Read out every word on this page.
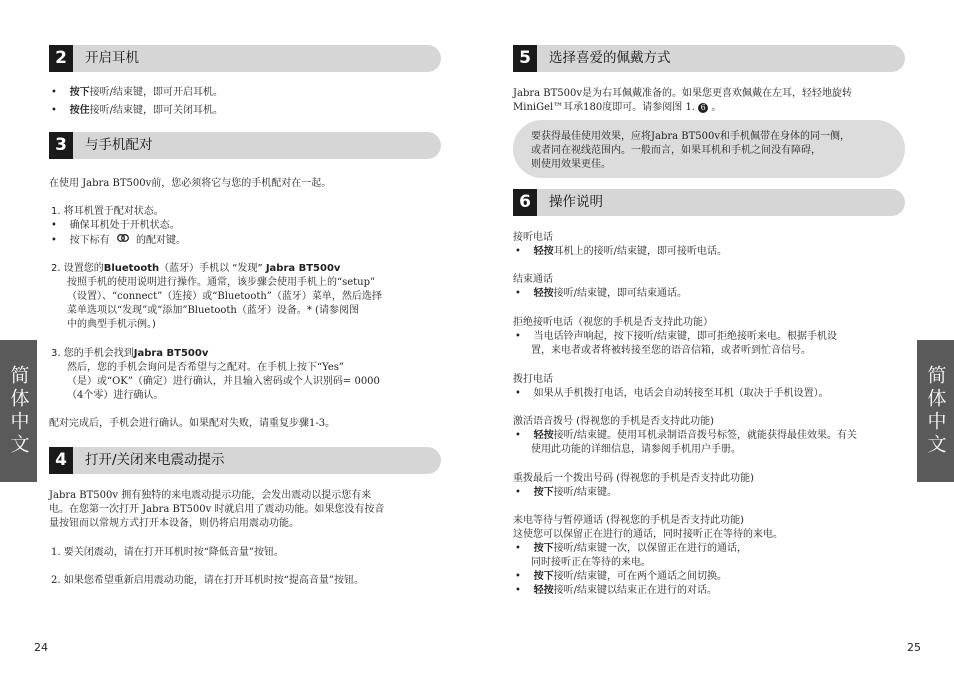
2	开启耳机
• 按下接听/结束键，即可开启耳机。
• 按住接听/结束键，即可关闭耳机。
3	与手机配对
在使用 Jabra BT500v前，您必须将它与您的手机配对在一起。
1. 将耳机置于配对状态。
• 确保耳机处于开机状态。
• 按下标有	的配对键。
2. 设置您的Bluetooth（蓝牙）手机以 “发现” Jabra BT500v
按照手机的使用说明进行操作。通常，该步骤会使用手机上的“setup”
（设置）、“connect”（连接）或“Bluetooth”（蓝牙）菜单，然后选择
菜单选项以“发现”或“添加”Bluetooth（蓝牙）设备。* (请参阅图
中的典型手机示例。)
3. 您的手机会找到Jabra BT500v
然后，您的手机会询问是否希望与之配对。在手机上按下“Yes”
（是）或“OK”（确定）进行确认，并且输入密码或个人识别码= 0000
（4个零）进行确认。
配对完成后，手机会进行确认。如果配对失败，请重复步骤1-3。
4	打开/关闭来电震动提示
Jabra BT500v 拥有独特的来电震动提示功能，会发出震动以提示您有来
电。在您第一次打开 Jabra BT500v 时就启用了震动功能。如果您没有按音
量按钮而以常规方式打开本设备，则仍将启用震动功能。
1. 要关闭震动，请在打开耳机时按“降低音量”按钮。
2. 如果您希望重新启用震动功能，请在打开耳机时按“提高音量”按钮。
简体中文
24
5	选择喜爱的佩戴方式
Jabra BT500v是为右耳佩戴准备的。如果您更喜欢佩戴在左耳，轻轻地旋转
MiniGel™耳承180度即可。请参阅图 1. 6 。
要获得最佳使用效果，应将Jabra BT500v和手机佩带在身体的同一侧，
或者同在视线范围内。一般而言，如果耳机和手机之间没有障碍，
则使用效果更佳。
6	操作说明
接听电话
• 轻按耳机上的接听/结束键，即可接听电话。
结束通话
• 轻按接听/结束键，即可结束通话。
拒绝接听电话（视您的手机是否支持此功能）
• 当电话铃声响起，按下接听/结束键，即可拒绝接听来电。根据手机设
置，来电者或者将被转接至您的语音信箱，或者听到忙音信号。
拨打电话
• 如果从手机拨打电话，电话会自动转接至耳机（取决于手机设置）。
激活语音拨号 (得视您的手机是否支持此功能)
• 轻按接听/结束键。使用耳机录制语音拨号标签，就能获得最佳效果。有关
使用此功能的详细信息，请参阅手机用户手册。
重拨最后一个拨出号码 (得视您的手机是否支持此功能)
• 按下接听/结束键。
来电等待与暂停通话 (得视您的手机是否支持此功能)
这使您可以保留正在进行的通话，同时接听正在等待的来电。
• 按下接听/结束键一次，以保留正在进行的通话，
同时接听正在等待的来电。
• 按下接听/结束键，可在两个通话之间切换。
• 轻按接听/结束键以结束正在进行的对话。
简体中文
25
